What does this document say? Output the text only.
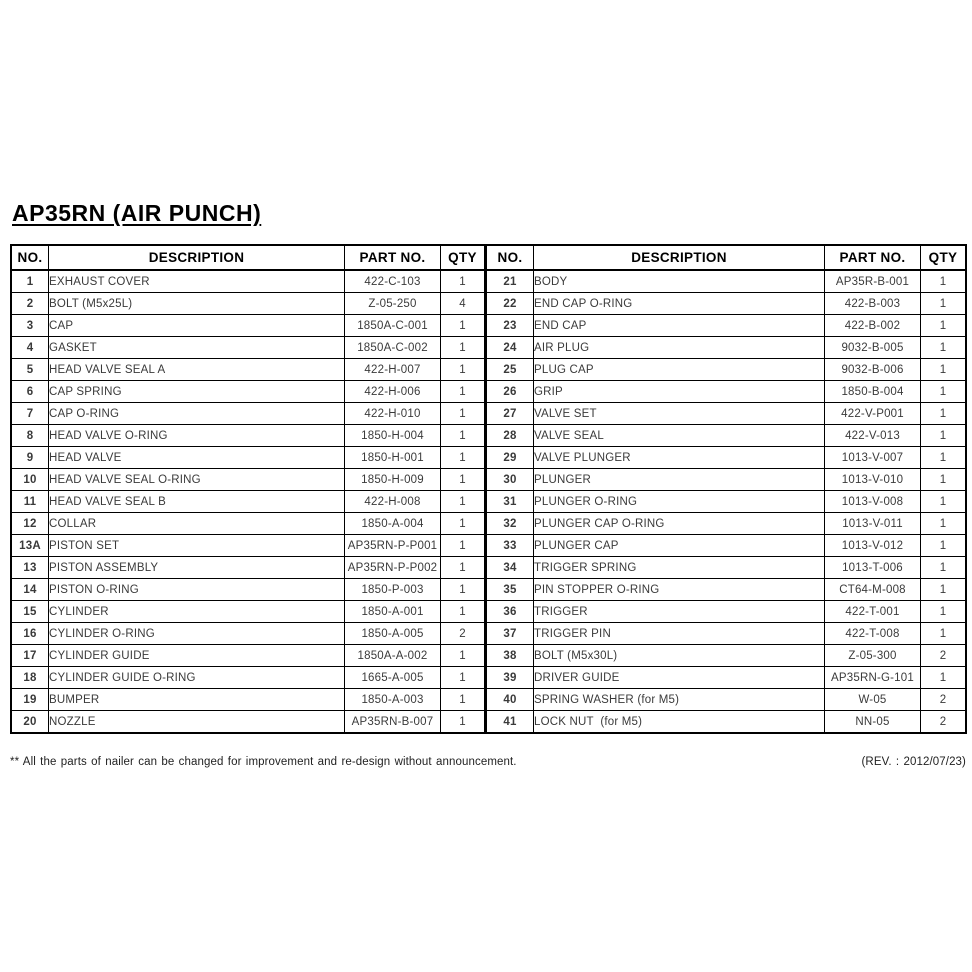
AP35RN (AIR PUNCH)
NO.	DESCRIPTION	PART NO.	QTY
1	EXHAUST COVER	422-C-103	1
2	BOLT (M5x25L)	Z-05-250	4
3	CAP	1850A-C-001	1
4	GASKET	1850A-C-002	1
5	HEAD VALVE SEAL A	422-H-007	1
6	CAP SPRING	422-H-006	1
7	CAP O-RING	422-H-010	1
8	HEAD VALVE O-RING	1850-H-004	1
9	HEAD VALVE	1850-H-001	1
10	HEAD VALVE SEAL O-RING	1850-H-009	1
11	HEAD VALVE SEAL B	422-H-008	1
12	COLLAR	1850-A-004	1
13A	PISTON SET	AP35RN-P-P001	1
13	PISTON ASSEMBLY	AP35RN-P-P002	1
14	PISTON O-RING	1850-P-003	1
15	CYLINDER	1850-A-001	1
16	CYLINDER O-RING	1850-A-005	2
17	CYLINDER GUIDE	1850A-A-002	1
18	CYLINDER GUIDE O-RING	1665-A-005	1
19	BUMPER	1850-A-003	1
20	NOZZLE	AP35RN-B-007	1
NO.	DESCRIPTION	PART NO.	QTY
21	BODY	AP35R-B-001	1
22	END CAP O-RING	422-B-003	1
23	END CAP	422-B-002	1
24	AIR PLUG	9032-B-005	1
25	PLUG CAP	9032-B-006	1
26	GRIP	1850-B-004	1
27	VALVE SET	422-V-P001	1
28	VALVE SEAL	422-V-013	1
29	VALVE PLUNGER	1013-V-007	1
30	PLUNGER	1013-V-010	1
31	PLUNGER O-RING	1013-V-008	1
32	PLUNGER CAP O-RING	1013-V-011	1
33	PLUNGER CAP	1013-V-012	1
34	TRIGGER SPRING	1013-T-006	1
35	PIN STOPPER O-RING	CT64-M-008	1
36	TRIGGER	422-T-001	1
37	TRIGGER PIN	422-T-008	1
38	BOLT (M5x30L)	Z-05-300	2
39	DRIVER GUIDE	AP35RN-G-101	1
40	SPRING WASHER (for M5)	W-05	2
41	LOCK NUT  (for M5)	NN-05	2
** All the parts of nailer can be changed for improvement and re-design without announcement.	(REV. : 2012/07/23)
